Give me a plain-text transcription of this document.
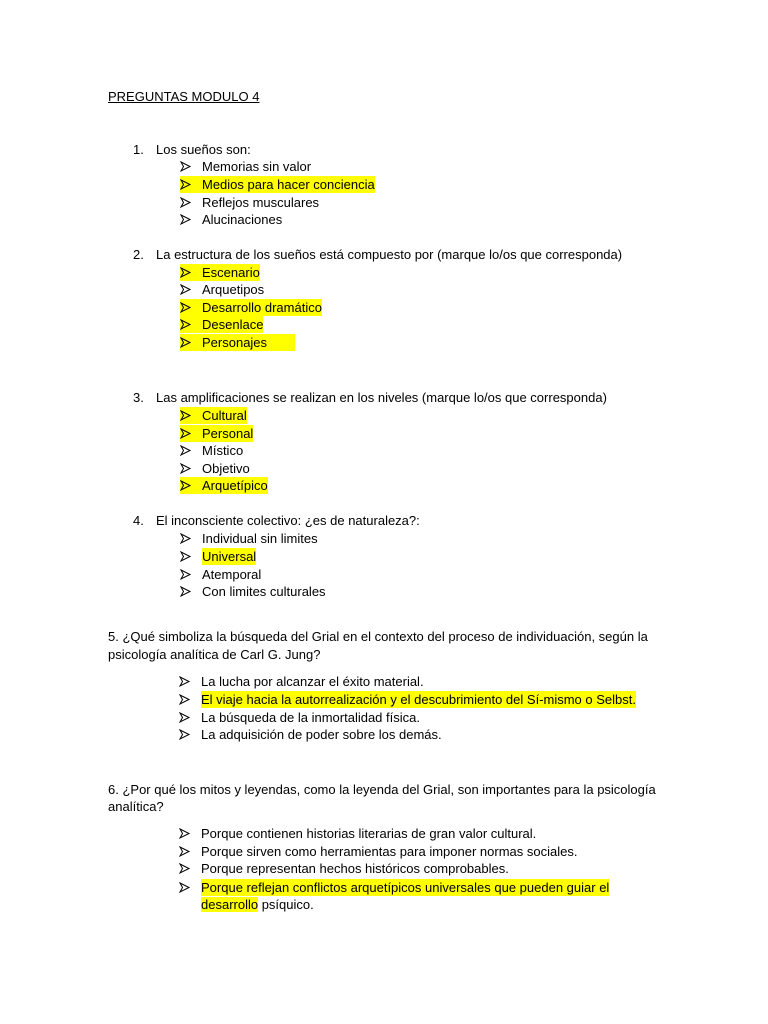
PREGUNTAS MODULO 4
1. Los sueños son:
Memorias sin valor
Medios para hacer conciencia
Reflejos musculares
Alucinaciones
2. La estructura de los sueños está compuesto por (marque lo/os que corresponda)
Escenario
Arquetipos
Desarrollo dramático
Desenlace
Personajes
3. Las amplificaciones se realizan en los niveles (marque lo/os que corresponda)
Cultural
Personal
Místico
Objetivo
Arquetípico
4. El inconsciente colectivo: ¿es de naturaleza?:
Individual sin limites
Universal
Atemporal
Con limites culturales
5. ¿Qué simboliza la búsqueda del Grial en el contexto del proceso de individuación, según la
psicología analítica de Carl G. Jung?
La lucha por alcanzar el éxito material.
El viaje hacia la autorrealización y el descubrimiento del Sí-mismo o Selbst.
La búsqueda de la inmortalidad física.
La adquisición de poder sobre los demás.
6. ¿Por qué los mitos y leyendas, como la leyenda del Grial, son importantes para la psicología
analítica?
Porque contienen historias literarias de gran valor cultural.
Porque sirven como herramientas para imponer normas sociales.
Porque representan hechos históricos comprobables.
Porque reflejan conflictos arquetípicos universales que pueden guiar el
desarrollo psíquico.
